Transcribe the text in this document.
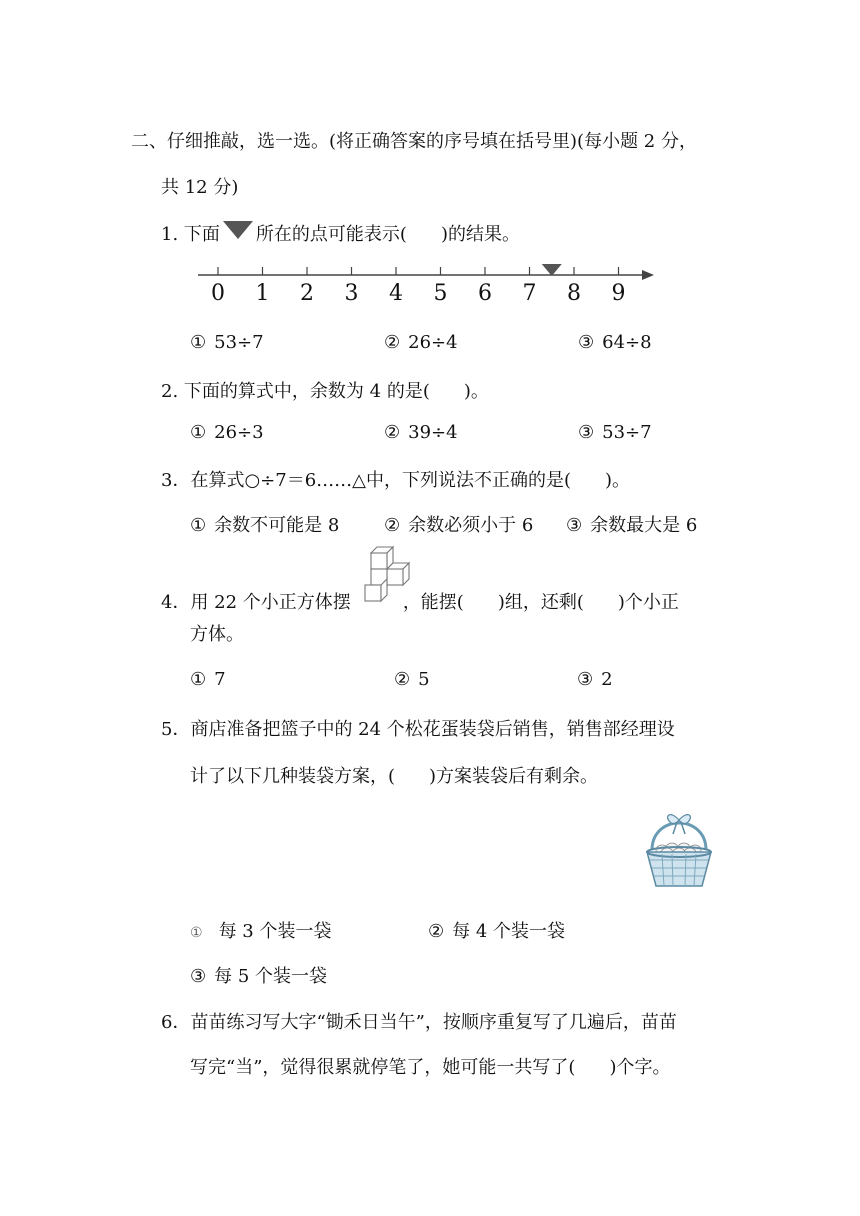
二、仔细推敲，选一选。(将正确答案的序号填在括号里)(每小题 2 分，
共 12 分)
1. 下面 所在的点可能表示( )的结果。
0 1 2 3 4 5 6 7 8 9
① 53÷7	② 26÷4	③ 64÷8
2. 下面的算式中，余数为 4 的是( )。
① 26÷3	② 39÷4	③ 53÷7
3．在算式○÷7＝6……△中，下列说法不正确的是( )。
① 余数不可能是 8 ② 余数必须小于 6 ③ 余数最大是 6
4．用 22 个小正方体摆	，能摆( )组，还剩( )个小正
方体。
① 7	② 5	③ 2
5．商店准备把篮子中的 24 个松花蛋装袋后销售，销售部经理设
计了以下几种装袋方案，( )方案装袋后有剩余。
① 每 3 个装一袋	② 每 4 个装一袋
③ 每 5 个装一袋
6．苗苗练习写大字“锄禾日当午”，按顺序重复写了几遍后，苗苗
写完“当”，觉得很累就停笔了，她可能一共写了( )个字。
